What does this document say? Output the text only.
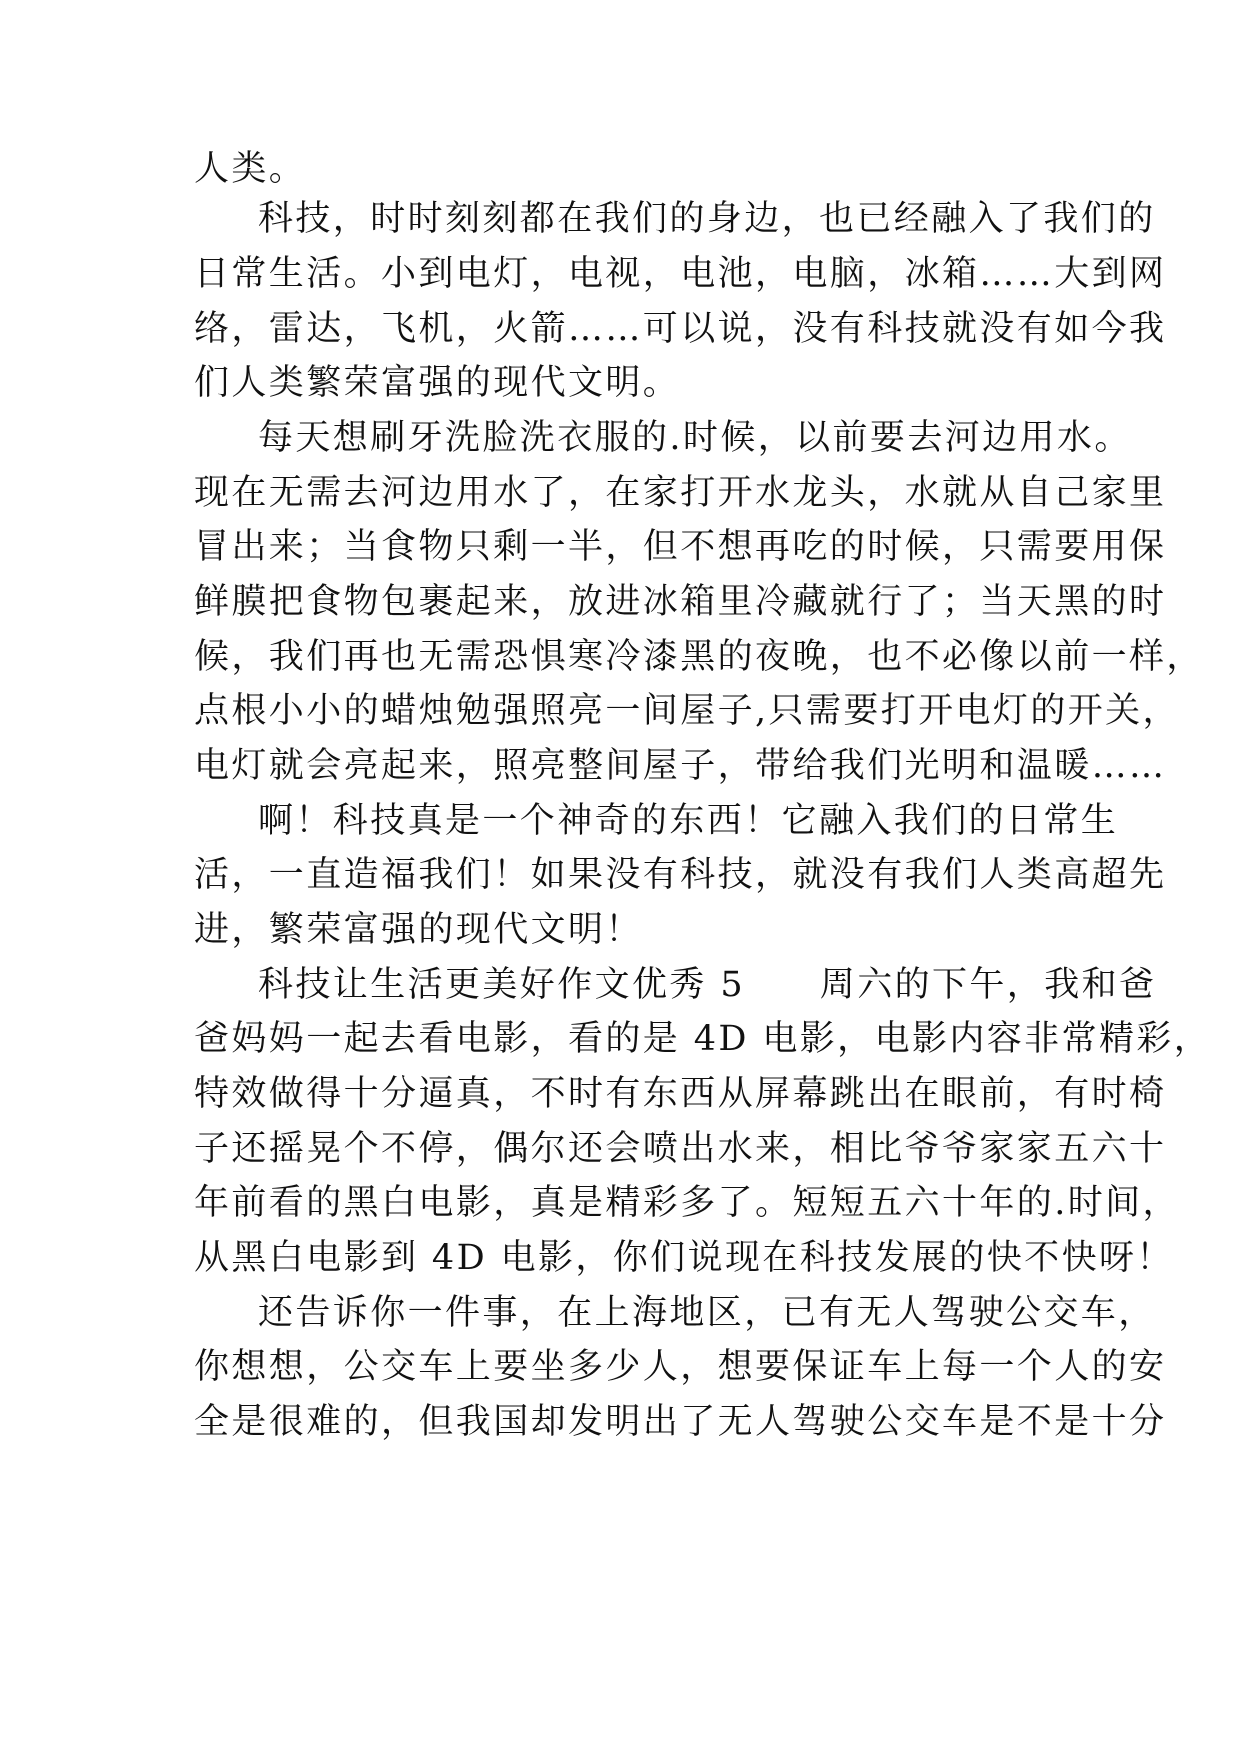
人类。
科技，时时刻刻都在我们的身边，也已经融入了我们的
日常生活。小到电灯，电视，电池，电脑，冰箱……大到网
络，雷达，飞机，火箭……可以说，没有科技就没有如今我
们人类繁荣富强的现代文明。
每天想刷牙洗脸洗衣服的.时候，以前要去河边用水。
现在无需去河边用水了，在家打开水龙头，水就从自己家里
冒出来；当食物只剩一半，但不想再吃的时候，只需要用保
鲜膜把食物包裹起来，放进冰箱里冷藏就行了；当天黑的时
候，我们再也无需恐惧寒冷漆黑的夜晚，也不必像以前一样，
点根小小的蜡烛勉强照亮一间屋子,只需要打开电灯的开关，
电灯就会亮起来，照亮整间屋子，带给我们光明和温暖……
啊！科技真是一个神奇的东西！它融入我们的日常生
活，一直造福我们！如果没有科技，就没有我们人类高超先
进，繁荣富强的现代文明！
科技让生活更美好作文优秀 5　　周六的下午，我和爸
爸妈妈一起去看电影，看的是 4D 电影，电影内容非常精彩，
特效做得十分逼真，不时有东西从屏幕跳出在眼前，有时椅
子还摇晃个不停，偶尔还会喷出水来，相比爷爷家家五六十
年前看的黑白电影，真是精彩多了。短短五六十年的.时间，
从黑白电影到 4D 电影，你们说现在科技发展的快不快呀！
还告诉你一件事，在上海地区，已有无人驾驶公交车，
你想想，公交车上要坐多少人，想要保证车上每一个人的安
全是很难的，但我国却发明出了无人驾驶公交车是不是十分
